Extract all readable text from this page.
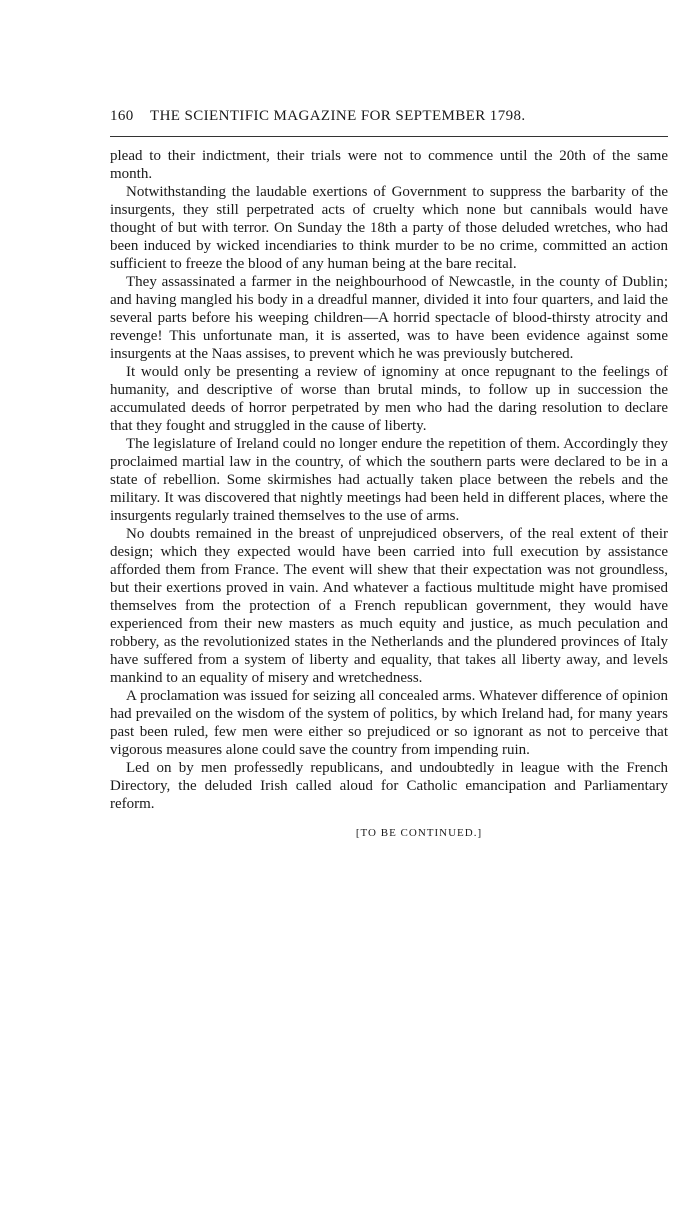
160	THE SCIENTIFIC MAGAZINE FOR SEPTEMBER 1798.

plead to their indictment, their trials were not to commence until the 20th of the same month.

Notwithstanding the laudable exertions of Government to suppress the barbarity of the insurgents, they still perpetrated acts of cruelty which none but cannibals would have thought of but with terror. On Sunday the 18th a party of those deluded wretches, who had been induced by wicked incendiaries to think murder to be no crime, committed an action sufficient to freeze the blood of any human being at the bare recital.

They assassinated a farmer in the neighbourhood of Newcastle, in the county of Dublin; and having mangled his body in a dreadful manner, divided it into four quarters, and laid the several parts before his weeping children—A horrid spectacle of blood-thirsty atrocity and revenge! This unfortunate man, it is asserted, was to have been evidence against some insurgents at the Naas assises, to prevent which he was previously butchered.

It would only be presenting a review of ignominy at once repugnant to the feelings of humanity, and descriptive of worse than brutal minds, to follow up in succession the accumulated deeds of horror perpetrated by men who had the daring resolution to declare that they fought and struggled in the cause of liberty.

The legislature of Ireland could no longer endure the repetition of them. Accordingly they proclaimed martial law in the country, of which the southern parts were declared to be in a state of rebellion. Some skirmishes had actually taken place between the rebels and the military. It was discovered that nightly meetings had been held in different places, where the insurgents regularly trained themselves to the use of arms.

No doubts remained in the breast of unprejudiced observers, of the real extent of their design; which they expected would have been carried into full execution by assistance afforded them from France. The event will shew that their expectation was not groundless, but their exertions proved in vain. And whatever a factious multitude might have promised themselves from the protection of a French republican government, they would have experienced from their new masters as much equity and justice, as much peculation and robbery, as the revolutionized states in the Netherlands and the plundered provinces of Italy have suffered from a system of liberty and equality, that takes all liberty away, and levels mankind to an equality of misery and wretchedness.

A proclamation was issued for seizing all concealed arms. Whatever difference of opinion had prevailed on the wisdom of the system of politics, by which Ireland had, for many years past been ruled, few men were either so prejudiced or so ignorant as not to perceive that vigorous measures alone could save the country from impending ruin.

Led on by men professedly republicans, and undoubtedly in league with the French Directory, the deluded Irish called aloud for Catholic emancipation and Parliamentary reform.

[TO BE CONTINUED.]
